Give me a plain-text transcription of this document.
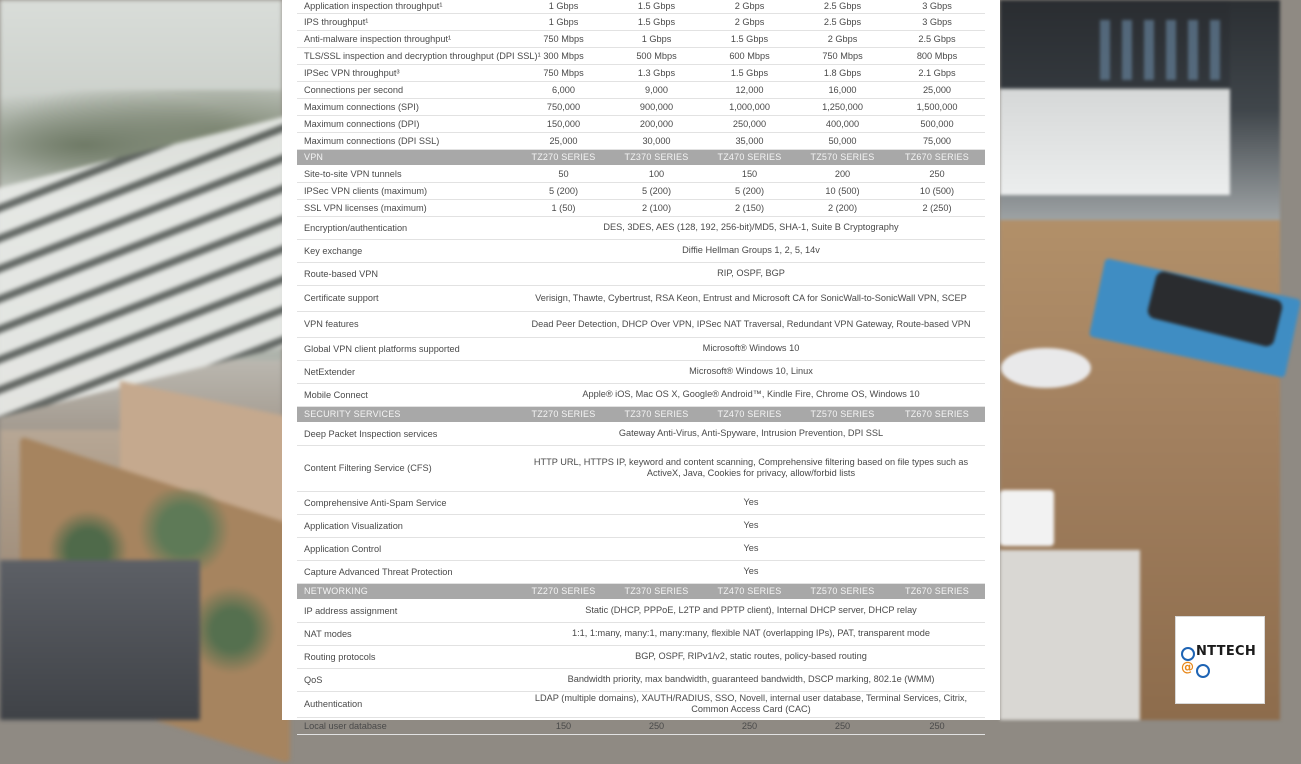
Application inspection throughput¹	1 Gbps	1.5 Gbps	2 Gbps	2.5 Gbps	3 Gbps
IPS throughput¹	1 Gbps	1.5 Gbps	2 Gbps	2.5 Gbps	3 Gbps
Anti-malware inspection throughput¹	750 Mbps	1 Gbps	1.5 Gbps	2 Gbps	2.5 Gbps
TLS/SSL inspection and decryption throughput (DPI SSL)¹	300 Mbps	500 Mbps	600 Mbps	750 Mbps	800 Mbps
IPSec VPN throughput³	750 Mbps	1.3 Gbps	1.5 Gbps	1.8 Gbps	2.1 Gbps
Connections per second	6,000	9,000	12,000	16,000	25,000
Maximum connections (SPI)	750,000	900,000	1,000,000	1,250,000	1,500,000
Maximum connections (DPI)	150,000	200,000	250,000	400,000	500,000
Maximum connections (DPI SSL)	25,000	30,000	35,000	50,000	75,000
VPN	TZ270 SERIES	TZ370 SERIES	TZ470 SERIES	TZ570 SERIES	TZ670 SERIES
Site-to-site VPN tunnels	50	100	150	200	250
IPSec VPN clients (maximum)	5 (200)	5 (200)	5 (200)	10 (500)	10 (500)
SSL VPN licenses (maximum)	1 (50)	2 (100)	2 (150)	2 (200)	2 (250)
Encryption/authentication	DES, 3DES, AES (128, 192, 256-bit)/MD5, SHA-1, Suite B Cryptography				
Key exchange	Diffie Hellman Groups 1, 2, 5, 14v				
Route-based VPN	RIP, OSPF, BGP				
Certificate support	Verisign, Thawte, Cybertrust, RSA Keon, Entrust and Microsoft CA for SonicWall-to-SonicWall VPN, SCEP				
VPN features	Dead Peer Detection, DHCP Over VPN, IPSec NAT Traversal, Redundant VPN Gateway, Route-based VPN				
Global VPN client platforms supported	Microsoft® Windows 10				
NetExtender	Microsoft® Windows 10, Linux				
Mobile Connect	Apple® iOS, Mac OS X, Google® Android™, Kindle Fire, Chrome OS, Windows 10				
SECURITY SERVICES	TZ270 SERIES	TZ370 SERIES	TZ470 SERIES	TZ570 SERIES	TZ670 SERIES
Deep Packet Inspection services	Gateway Anti-Virus, Anti-Spyware, Intrusion Prevention, DPI SSL				
Content Filtering Service (CFS)	HTTP URL, HTTPS IP, keyword and content scanning, Comprehensive filtering based on file types such as ActiveX, Java, Cookies for privacy, allow/forbid lists				
Comprehensive Anti-Spam Service	Yes				
Application Visualization	Yes				
Application Control	Yes				
Capture Advanced Threat Protection	Yes				
NETWORKING	TZ270 SERIES	TZ370 SERIES	TZ470 SERIES	TZ570 SERIES	TZ670 SERIES
IP address assignment	Static (DHCP, PPPoE, L2TP and PPTP client), Internal DHCP server, DHCP relay				
NAT modes	1:1, 1:many, many:1, many:many, flexible NAT (overlapping IPs), PAT, transparent mode				
Routing protocols	BGP, OSPF, RIPv1/v2, static routes, policy-based routing				
QoS	Bandwidth priority, max bandwidth, guaranteed bandwidth, DSCP marking, 802.1e (WMM)				
Authentication	LDAP (multiple domains), XAUTH/RADIUS, SSO, Novell, internal user database, Terminal Services, Citrix, Common Access Card (CAC)				
Local user database	150	250	250	250	250
NTTECH
@
